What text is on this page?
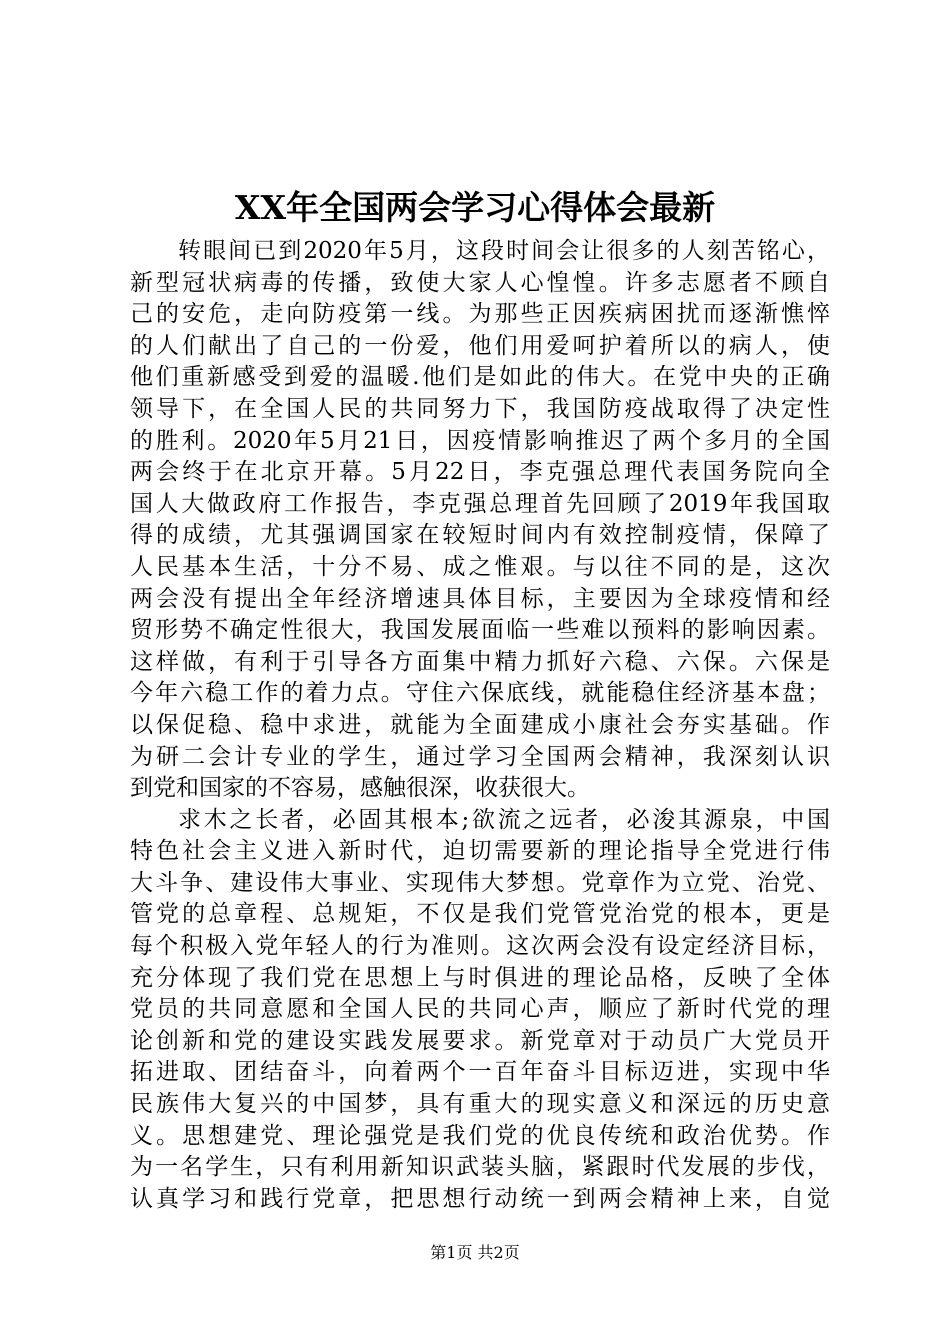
XX年全国两会学习心得体会最新
转眼间已到2020年5月，这段时间会让很多的人刻苦铭心，
新型冠状病毒的传播，致使大家人心惶惶。许多志愿者不顾自
己的安危，走向防疫第一线。为那些正因疾病困扰而逐渐憔悴
的人们献出了自己的一份爱，他们用爱呵护着所以的病人，使
他们重新感受到爱的温暖.他们是如此的伟大。在党中央的正确
领导下，在全国人民的共同努力下，我国防疫战取得了决定性
的胜利。2020年5月21日，因疫情影响推迟了两个多月的全国
两会终于在北京开幕。5月22日，李克强总理代表国务院向全
国人大做政府工作报告，李克强总理首先回顾了2019年我国取
得的成绩，尤其强调国家在较短时间内有效控制疫情，保障了
人民基本生活，十分不易、成之惟艰。与以往不同的是，这次
两会没有提出全年经济增速具体目标，主要因为全球疫情和经
贸形势不确定性很大，我国发展面临一些难以预料的影响因素。
这样做，有利于引导各方面集中精力抓好六稳、六保。六保是
今年六稳工作的着力点。守住六保底线，就能稳住经济基本盘；
以保促稳、稳中求进，就能为全面建成小康社会夯实基础。作
为研二会计专业的学生，通过学习全国两会精神，我深刻认识
到党和国家的不容易，感触很深，收获很大。
求木之长者，必固其根本;欲流之远者，必浚其源泉，中国
特色社会主义进入新时代，迫切需要新的理论指导全党进行伟
大斗争、建设伟大事业、实现伟大梦想。党章作为立党、治党、
管党的总章程、总规矩，不仅是我们党管党治党的根本，更是
每个积极入党年轻人的行为准则。这次两会没有设定经济目标，
充分体现了我们党在思想上与时俱进的理论品格，反映了全体
党员的共同意愿和全国人民的共同心声，顺应了新时代党的理
论创新和党的建设实践发展要求。新党章对于动员广大党员开
拓进取、团结奋斗，向着两个一百年奋斗目标迈进，实现中华
民族伟大复兴的中国梦，具有重大的现实意义和深远的历史意
义。思想建党、理论强党是我们党的优良传统和政治优势。作
为一名学生，只有利用新知识武装头脑，紧跟时代发展的步伐，
认真学习和践行党章，把思想行动统一到两会精神上来，自觉
第1页 共2页
